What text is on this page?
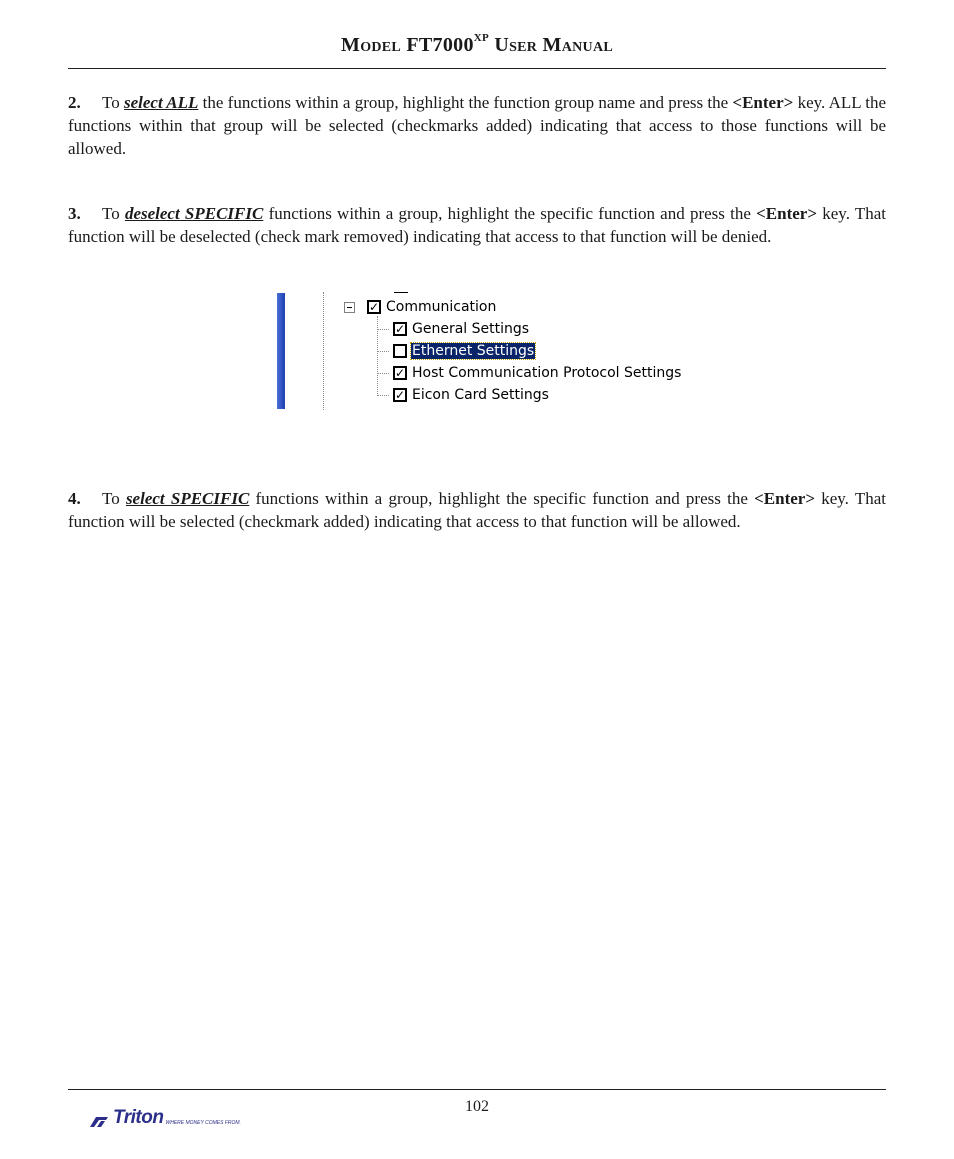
Model $FT7000^{XP}$ User Manual
2. To select ALL the functions within a group, highlight the function group name and press the <Enter> key. ALL the functions within that group will be selected (checkmarks added) indicating that access to those functions will be allowed.
3. To deselect SPECIFIC functions within a group, highlight the specific function and press the <Enter> key. That function will be deselected (check mark removed) indicating that access to that function will be denied.
✓ Communication
✓ General Settings
Ethernet Settings
✓ Host Communication Protocol Settings
✓ Eicon Card Settings
4. To select SPECIFIC functions within a group, highlight the specific function and press the <Enter> key. That function will be selected (checkmark added) indicating that access to that function will be allowed.
102
Triton WHERE MONEY COMES FROM.
